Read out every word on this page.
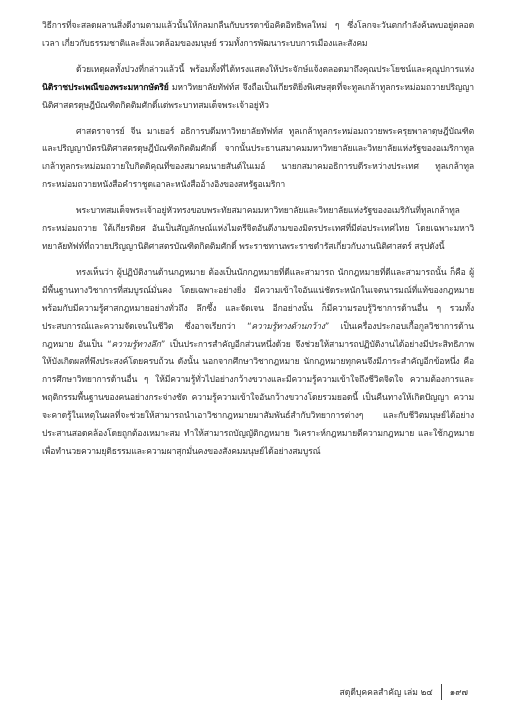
วิธีการที่จะสลดผลานสิ่งดีงามตามแล้วนั้นให้กลมกลืนกับบรรดาข้อคิดอิทธิพลใหม่ ๆ ซึ่งโลกจะวันตกกำลังค้นพบอยู่ตลอดเวลา เกี่ยวกับธรรมชาติและสิ่งแวดล้อมของมนุษย์ รวมทั้งการพัฒนาระบบการเมืองและสังคม

ด้วยเหตุผลทั้งปวงที่กล่าวแล้วนี้ พร้อมทั้งที่ได้ทรงแสดงให้ประจักษ์แจ้งตลอดมาถึงคุณประโยชน์และคุณูปการแห่ง นิติราชประเพณีของพระมหากษัตริย์ มหาวิทยาลัยทัฟท์ส จึงถือเป็นเกียรติยิ่งพิเศษสุดที่จะทูลเกล้าทูลกระหม่อมถวายปริญญานิติศาสตรดุษฎีบัณฑิตกิตติมศักดิ์แด่พระบาทสมเด็จพระเจ้าอยู่หัว

ศาสตราจารย์ จีน มาเยอร์ อธิการบดีมหาวิทยาลัยทัฟท์ส ทูลเกล้าทูลกระหม่อมถวายพระครุยพาลาดุษฎีบัณฑิต และปริญญาบัตรนิติศาสตรดุษฎีบัณฑิตกิตติมศักดิ์ จากนั้นประธานสมาคมมหาวิทยาลัยและวิทยาลัยแห่งรัฐของอเมริกาทูลเกล้าทูลกระหม่อมถวายใบกิตติคุณที่ของสมาคมนายสันต์ในเมอ์ นายกสมาคมอธิการบดีระหว่างประเทศ ทูลเกล้าทูลกระหม่อมถวายหนังสือคำราชูดเอาละหนังสืออ้างอิงของสหรัฐอเมริกา

พระบาทสมเด็จพระเจ้าอยู่หัวทรงขอบพระทัยสมาคมมหาวิทยาลัยและวิทยาลัยแห่งรัฐของอเมริกันที่ทูลเกล้าทูลกระหม่อมถวาย ใต้เกียรติยศ อันเป็นสัญลักษณ์แห่งไมตรีจิตอันดีงามของมิตรประเทศที่มีต่อประเทศไทย โดยเฉพาะมหาวิทยาลัยทัฟท์ที่ถวายปริญญานิติศาสตรบัณฑิตกิตติมศักดิ์ พระราชทานพระราชดำรัสเกี่ยวกับงานนิติศาสตร์ สรุปดังนี้

ทรงเห็นว่า ผู้ปฏิบัติงานด้านกฎหมาย ต้องเป็นนักกฎหมายที่ดีและสามารถ นักกฎหมายที่ดีและสามารถนั้น ก็คือ ผู้มีพื้นฐานทางวิชาการที่สมบูรณ์มั่นคง โดยเฉพาะอย่างยิ่ง มีความเข้าใจอันแน่ชัดระหนักในเจตนารมณ์ที่แท้ของกฎหมาย พร้อมกับมีความรู้ศาสกฎหมายอย่างทั่วถึง ลึกซึ้ง และจัดเจน อีกอย่างนั้น ก็มีความรอบรู้วิชาการด้านอื่น ๆ รวมทั้งประสบการณ์และความจัดเจนในชีวิต ซึ่งอาจเรียกว่า “ความรู้ทางด้านกว้าง” เป็นเครื่องประกอบเกื้อกูลวิชาการด้านกฎหมาย อันเป็น “ความรู้ทางลึก” เป็นประการสำคัญอีกส่วนหนึ่งด้วย จึงช่วยให้สามารถปฏิบัติงานได้อย่างมีประสิทธิภาพ ให้บังเกิดผลที่พึงประสงค์โดยครบถ้วน ดังนั้น นอกจากศึกษาวิชากฎหมาย นักกฎหมายทุกคนจึงมีภาระสำคัญอีกข้อหนึ่ง คือการศึกษาวิทยาการด้านอื่น ๆ ให้มีความรู้ทั่วไปอย่างกว้างขวางและมีความรู้ความเข้าใจถึงชีวิตจิตใจ ความต้องการและพฤติกรรมพื้นฐานของคนอย่างกระจ่างชัด ความรู้ความเข้าใจอันกว้างขวางโดยรวมยอดนี้ เป็นคืนทางให้เกิดปัญญา ความจะคาดรู้ในเหตุในผลที่จะช่วยให้สามารถนำเอาวิชากฎหมายมาสัมพันธ์สำกับวิทยาการต่างๆ และกับชีวิตมนุษย์ได้อย่างประสานสอดคล้องโดยถูกต้องเหมาะสม ทำให้สามารถบัญญัติกฎหมาย วิเคราะห์กฎหมายตีความกฎหมาย และใช้กฎหมายเพื่อทำนวยความยุติธรรมและความผาสุกมั่นคงของสังคมมนุษย์ได้อย่างสมบูรณ์

สดุดีบุคคลสำคัญ เล่ม ๒๔ ๑๙๗
